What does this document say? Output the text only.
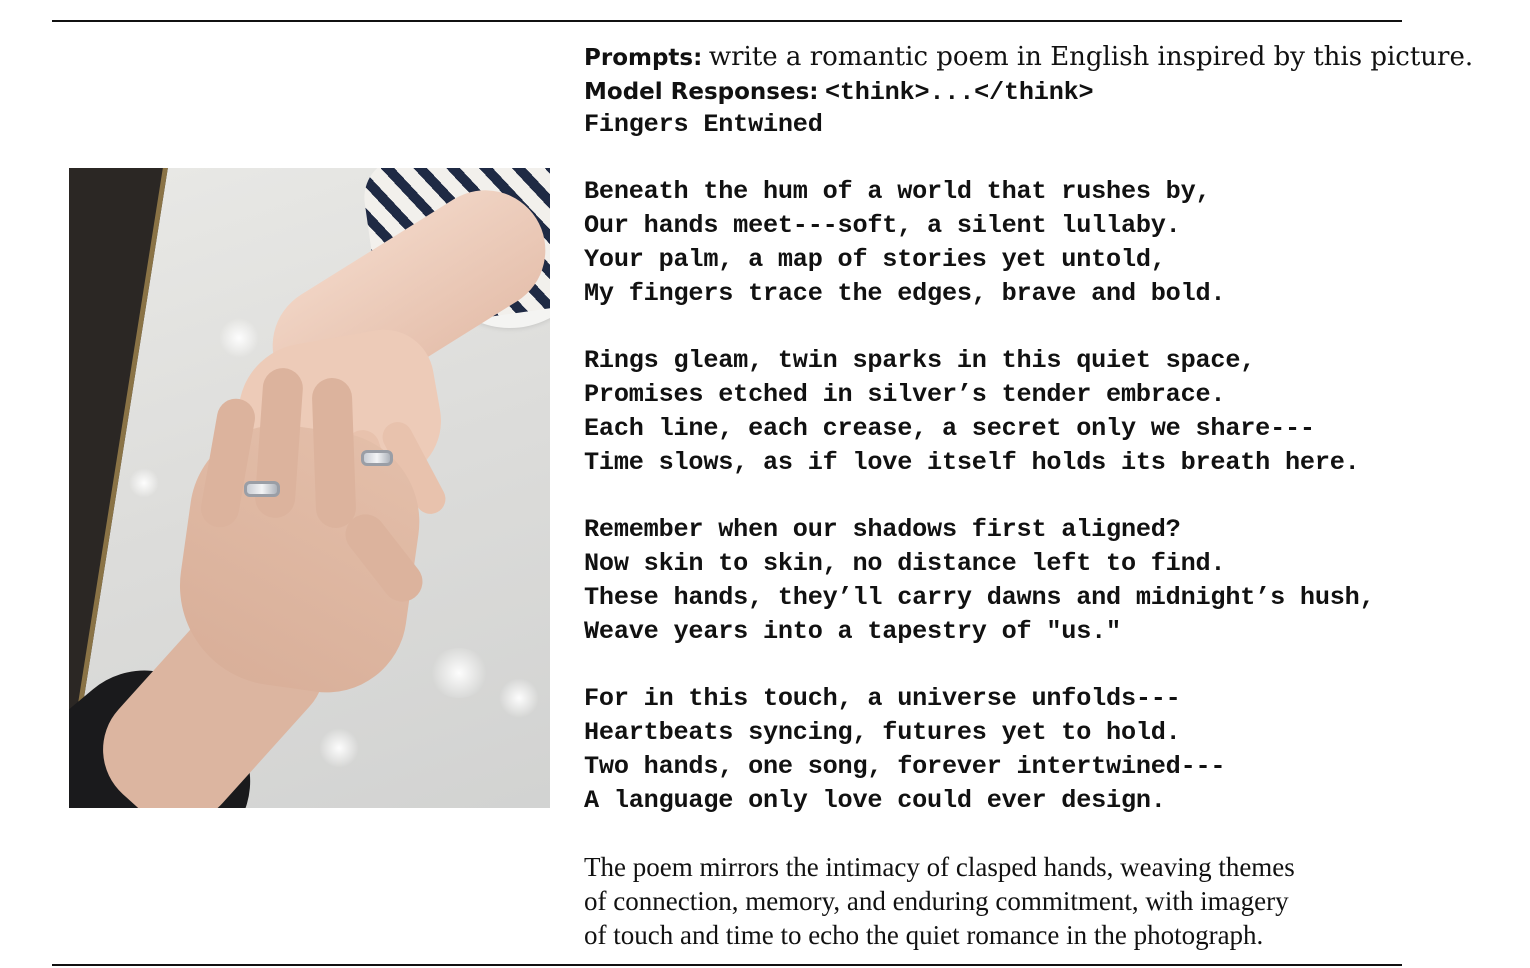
Prompts: write a romantic poem in English inspired by this picture.
Model Responses: <think>...</think>
Fingers Entwined
Beneath the hum of a world that rushes by,
Our hands meet---soft, a silent lullaby.
Your palm, a map of stories yet untold,
My fingers trace the edges, brave and bold.
Rings gleam, twin sparks in this quiet space,
Promises etched in silver’s tender embrace.
Each line, each crease, a secret only we share---
Time slows, as if love itself holds its breath here.
Remember when our shadows first aligned?
Now skin to skin, no distance left to find.
These hands, they’ll carry dawns and midnight’s hush,
Weave years into a tapestry of "us."
For in this touch, a universe unfolds---
Heartbeats syncing, futures yet to hold.
Two hands, one song, forever intertwined---
A language only love could ever design.
The poem mirrors the intimacy of clasped hands, weaving themes
of connection, memory, and enduring commitment, with imagery
of touch and time to echo the quiet romance in the photograph.
